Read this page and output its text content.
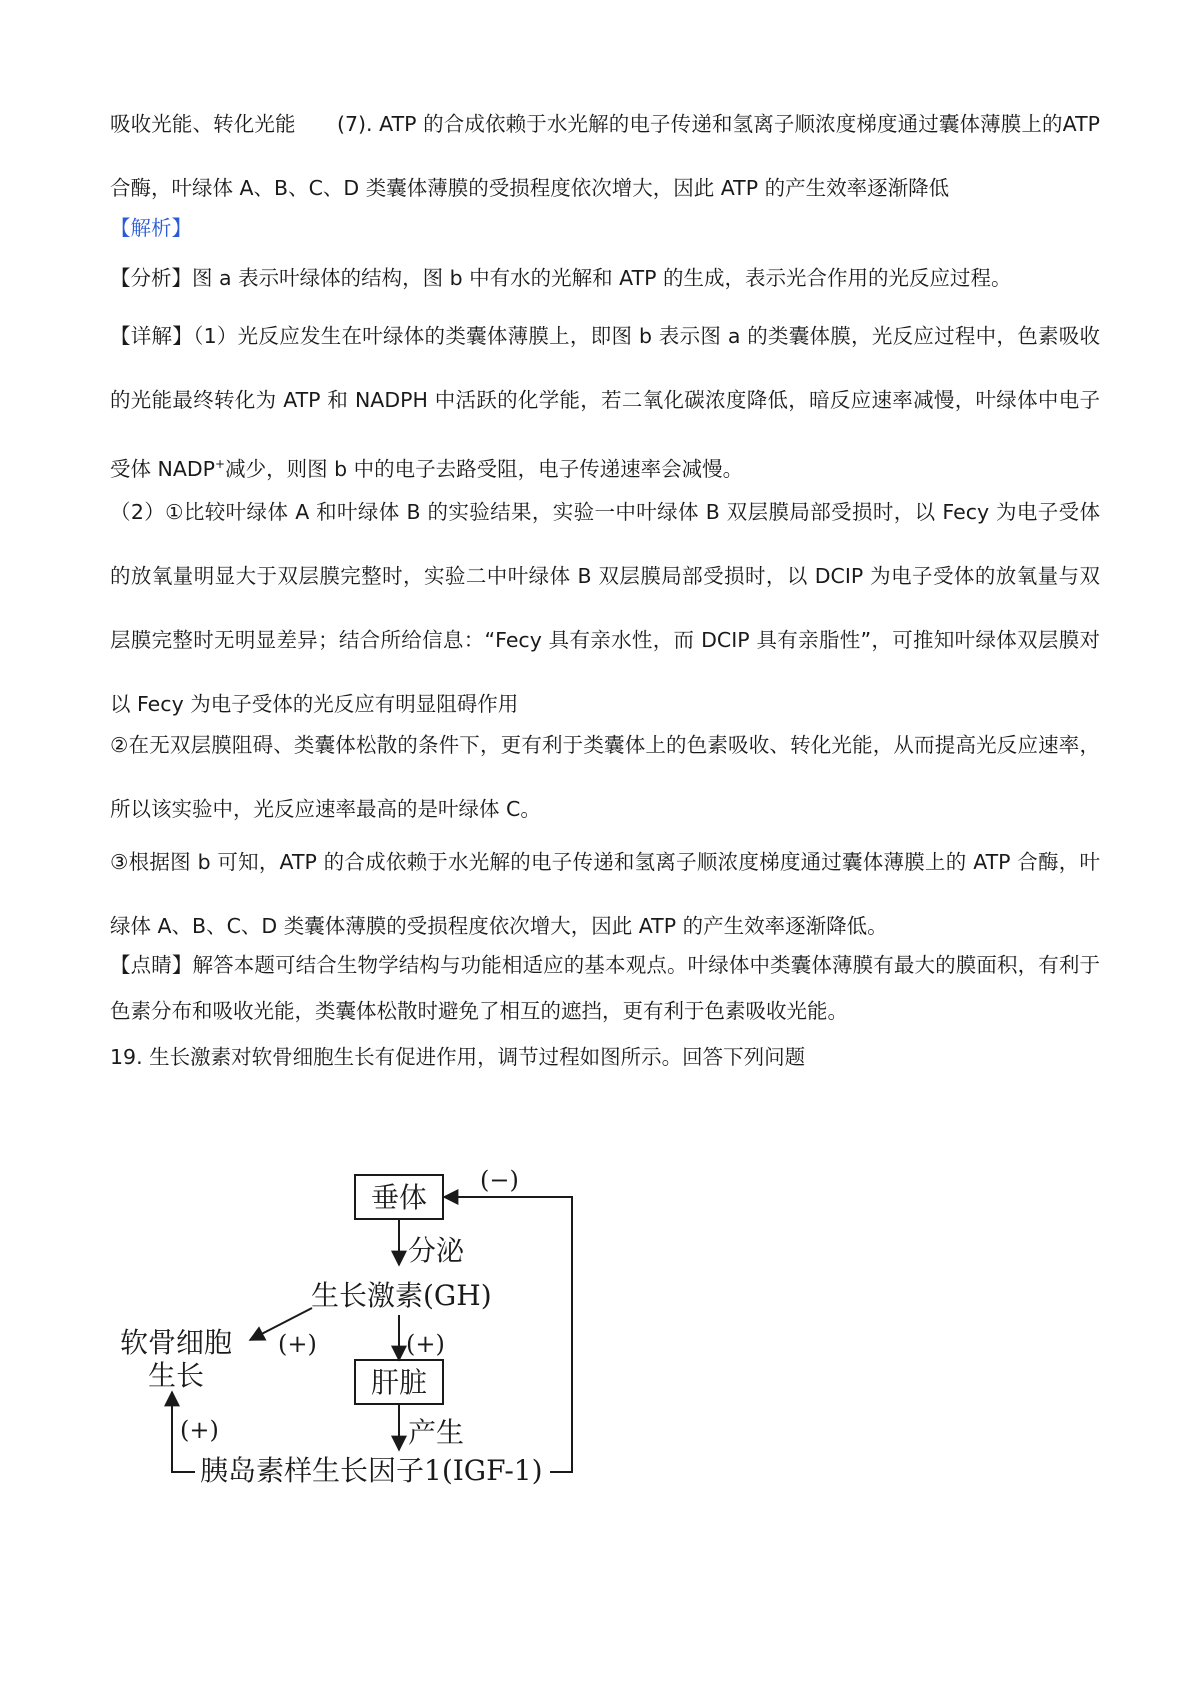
吸收光能、转化光能　　(7). ATP 的合成依赖于水光解的电子传递和氢离子顺浓度梯度通过囊体薄膜上的ATP 合酶，叶绿体 A、B、C、D 类囊体薄膜的受损程度依次增大，因此 ATP 的产生效率逐渐降低

【解析】

【分析】图 a 表示叶绿体的结构，图 b 中有水的光解和 ATP 的生成，表示光合作用的光反应过程。

【详解】（1）光反应发生在叶绿体的类囊体薄膜上，即图 b 表示图 a 的类囊体膜，光反应过程中，色素吸收的光能最终转化为 ATP 和 NADPH 中活跃的化学能，若二氧化碳浓度降低，暗反应速率减慢，叶绿体中电子受体 NADP+减少，则图 b 中的电子去路受阻，电子传递速率会减慢。

（2）①比较叶绿体 A 和叶绿体 B 的实验结果，实验一中叶绿体 B 双层膜局部受损时，以 Fecy 为电子受体的放氧量明显大于双层膜完整时，实验二中叶绿体 B 双层膜局部受损时，以 DCIP 为电子受体的放氧量与双层膜完整时无明显差异；结合所给信息：“Fecy 具有亲水性，而 DCIP 具有亲脂性”，可推知叶绿体双层膜对以 Fecy 为电子受体的光反应有明显阻碍作用

②在无双层膜阻碍、类囊体松散的条件下，更有利于类囊体上的色素吸收、转化光能，从而提高光反应速率，所以该实验中，光反应速率最高的是叶绿体 C。

③根据图 b 可知，ATP 的合成依赖于水光解的电子传递和氢离子顺浓度梯度通过囊体薄膜上的 ATP 合酶，叶绿体 A、B、C、D 类囊体薄膜的受损程度依次增大，因此 ATP 的产生效率逐渐降低。

【点睛】解答本题可结合生物学结构与功能相适应的基本观点。叶绿体中类囊体薄膜有最大的膜面积，有利于色素分布和吸收光能，类囊体松散时避免了相互的遮挡，更有利于色素吸收光能。

19. 生长激素对软骨细胞生长有促进作用，调节过程如图所示。回答下列问题

垂体
(−)
分泌
生长激素(GH)
(+)
软骨细胞
生长
(+)
肝脏
产生
胰岛素样生长因子1(IGF-1)
(+)
